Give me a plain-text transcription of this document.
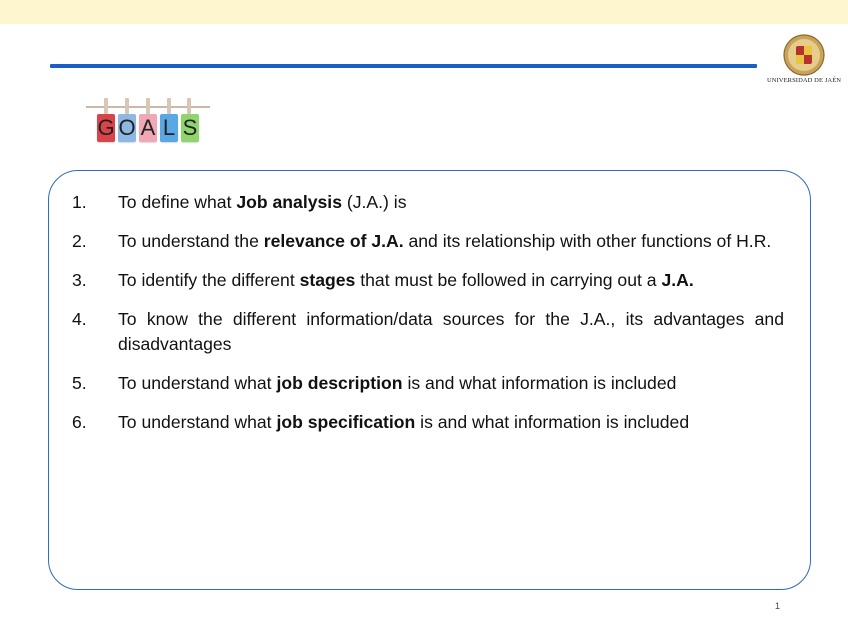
UNIVERSIDAD DE JAÉN
G O A L S
1.	To define what Job analysis (J.A.) is
2.	To understand the relevance of J.A. and its relationship with other functions of H.R.
3.	To identify the different stages that must be followed in carrying out a J.A.
4.	To know the different information/data sources for the J.A., its advantages and disadvantages
5.	To understand what job description is and what information is included
6.	To understand what job specification is and what information is included
1
